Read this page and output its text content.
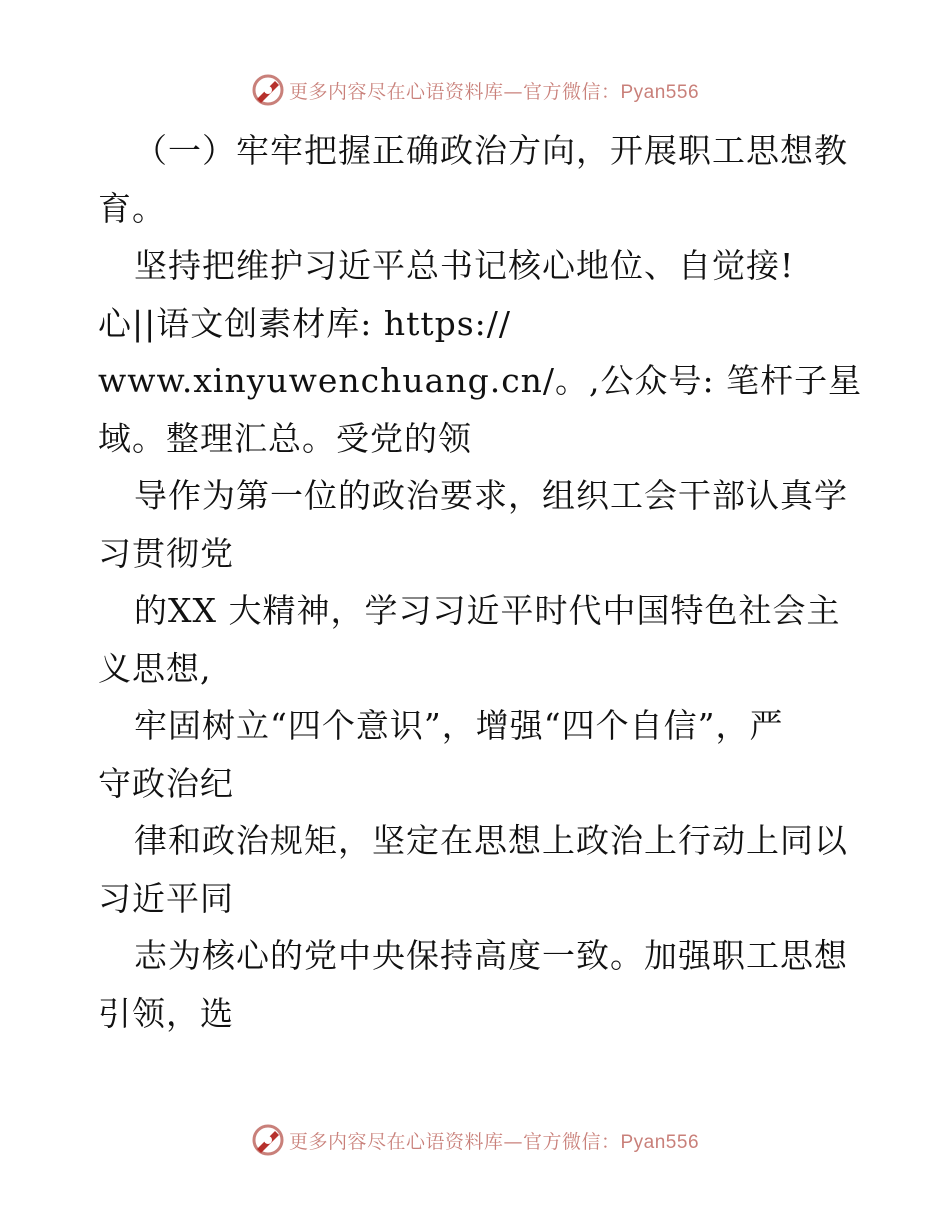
更多内容尽在心语资料库—官方微信：Pyan556
（一）牢牢把握正确政治方向，开展职工思想教
育。
坚持把维护习近平总书记核心地位、自觉接!
心||语文创素材库: https://
www.xinyuwenchuang.cn/。,公众号: 笔杆子星
域。整理汇总。受党的领
导作为第一位的政治要求，组织工会干部认真学
习贯彻党
的XX 大精神，学习习近平时代中国特色社会主
义思想,
牢固树立“四个意识”，增强“四个自信”，严
守政治纪
律和政治规矩，坚定在思想上政治上行动上同以
习近平同
志为核心的党中央保持高度一致。加强职工思想
引领，选
更多内容尽在心语资料库—官方微信：Pyan556
